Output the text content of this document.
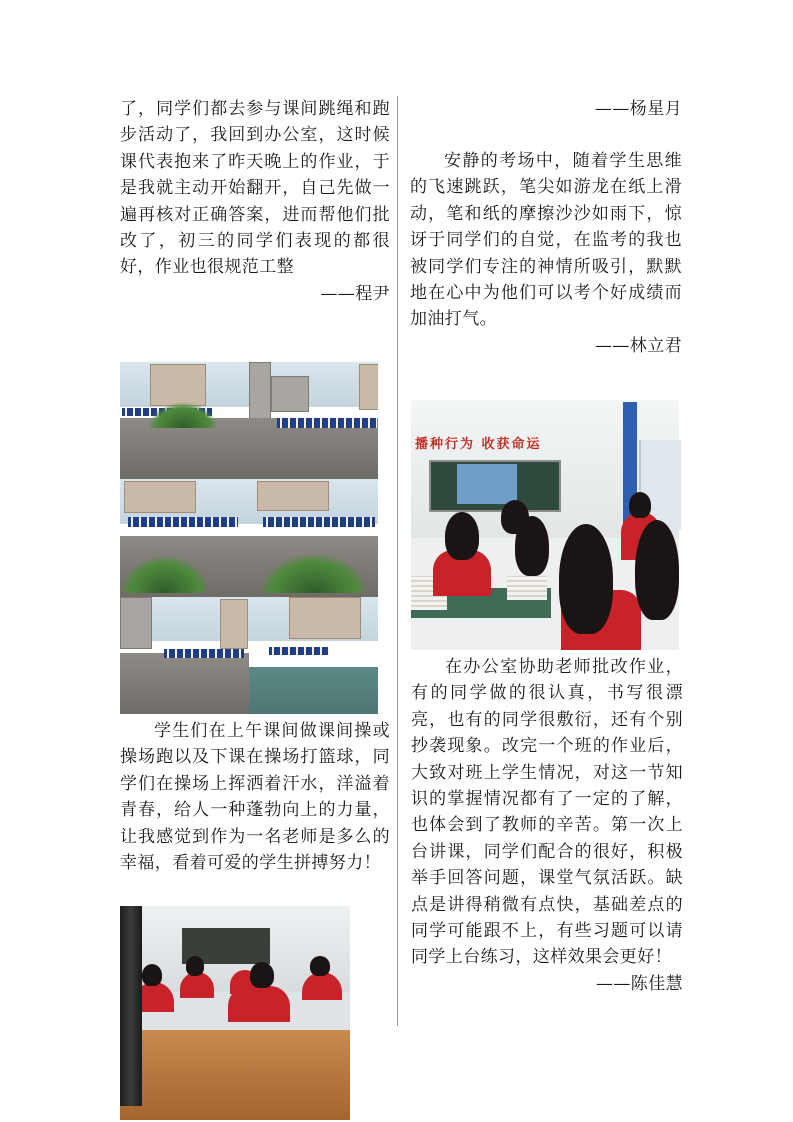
了，同学们都去参与课间跳绳和跑步活动了，我回到办公室，这时候课代表抱来了昨天晚上的作业，于是我就主动开始翻开，自己先做一遍再核对正确答案，进而帮他们批改了，初三的同学们表现的都很好，作业也很规范工整

——程尹

学生们在上午课间做课间操或操场跑以及下课在操场打篮球，同学们在操场上挥洒着汗水，洋溢着青春，给人一种蓬勃向上的力量，让我感觉到作为一名老师是多么的幸福，看着可爱的学生拼搏努力！

——杨星月

安静的考场中，随着学生思维的飞速跳跃，笔尖如游龙在纸上滑动，笔和纸的摩擦沙沙如雨下，惊讶于同学们的自觉，在监考的我也被同学们专注的神情所吸引，默默地在心中为他们可以考个好成绩而加油打气。

——林立君

播种行为 收获命运

在办公室协助老师批改作业，有的同学做的很认真，书写很漂亮，也有的同学很敷衍，还有个别抄袭现象。改完一个班的作业后，大致对班上学生情况，对这一节知识的掌握情况都有了一定的了解，也体会到了教师的辛苦。第一次上台讲课，同学们配合的很好，积极举手回答问题，课堂气氛活跃。缺点是讲得稍微有点快，基础差点的同学可能跟不上，有些习题可以请同学上台练习，这样效果会更好！

——陈佳慧
